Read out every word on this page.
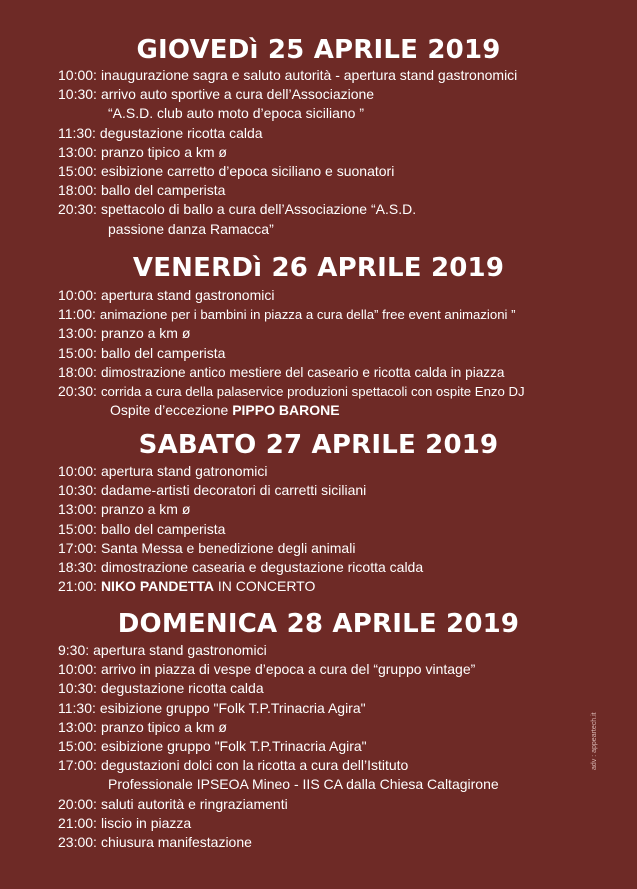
GIOVEDì 25 APRILE 2019
10:00: inaugurazione sagra e saluto autorità - apertura stand gastronomici
10:30: arrivo auto sportive a cura dell’Associazione
“A.S.D. club auto moto d’epoca siciliano ”
11:30: degustazione ricotta calda
13:00: pranzo tipico a km ø
15:00: esibizione carretto d’epoca siciliano e suonatori
18:00: ballo del camperista
20:30: spettacolo di ballo a cura dell’Associazione “A.S.D.
passione danza Ramacca”
VENERDì 26 APRILE 2019
10:00: apertura stand gastronomici
11:00: animazione per i bambini in piazza a cura della” free event animazioni ”
13:00: pranzo a km ø
15:00: ballo del camperista
18:00: dimostrazione antico mestiere del caseario e ricotta calda in piazza
20:30: corrida a cura della palaservice produzioni spettacoli con ospite Enzo DJ
Ospite d’eccezione PIPPO BARONE
SABATO 27 APRILE 2019
10:00: apertura stand gatronomici
10:30: dadame-artisti decoratori di carretti siciliani
13:00: pranzo a km ø
15:00: ballo del camperista
17:00: Santa Messa e benedizione degli animali
18:30: dimostrazione casearia e degustazione ricotta calda
21:00: NIKO PANDETTA IN CONCERTO
DOMENICA 28 APRILE 2019
9:30: apertura stand gastronomici
10:00: arrivo in piazza di vespe d’epoca a cura del “gruppo vintage”
10:30: degustazione ricotta calda
11:30: esibizione gruppo "Folk T.P.Trinacria Agira"
13:00: pranzo tipico a km ø
15:00: esibizione gruppo "Folk T.P.Trinacria Agira"
17:00: degustazioni dolci con la ricotta a cura dell’Istituto
Professionale IPSEOA Mineo - IIS CA dalla Chiesa Caltagirone
20:00: saluti autorità e ringraziamenti
21:00: liscio in piazza
23:00: chiusura manifestazione
adv : appeartech.it
